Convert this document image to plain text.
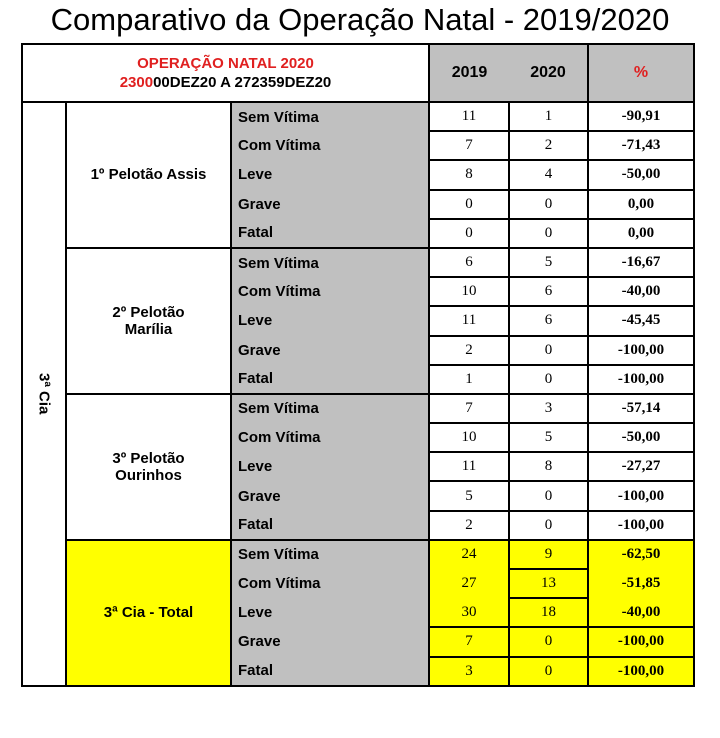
Comparativo da Operação Natal - 2019/2020
OPERAÇÃO NATAL 2020
230000DEZ20 A 272359DEZ20			2019	2020	%
3ª Cia	1º Pelotão Assis	Sem Vítima	11	1	-90,91
		Com Vítima	7	2	-71,43
		Leve	8	4	-50,00
		Grave	0	0	0,00
		Fatal	0	0	0,00
	2º Pelotão Marília	Sem Vítima	6	5	-16,67
		Com Vítima	10	6	-40,00
		Leve	11	6	-45,45
		Grave	2	0	-100,00
		Fatal	1	0	-100,00
	3º Pelotão Ourinhos	Sem Vítima	7	3	-57,14
		Com Vítima	10	5	-50,00
		Leve	11	8	-27,27
		Grave	5	0	-100,00
		Fatal	2	0	-100,00
	3ª Cia - Total	Sem Vítima	24	9	-62,50
		Com Vítima	27	13	-51,85
		Leve	30	18	-40,00
		Grave	7	0	-100,00
		Fatal	3	0	-100,00
